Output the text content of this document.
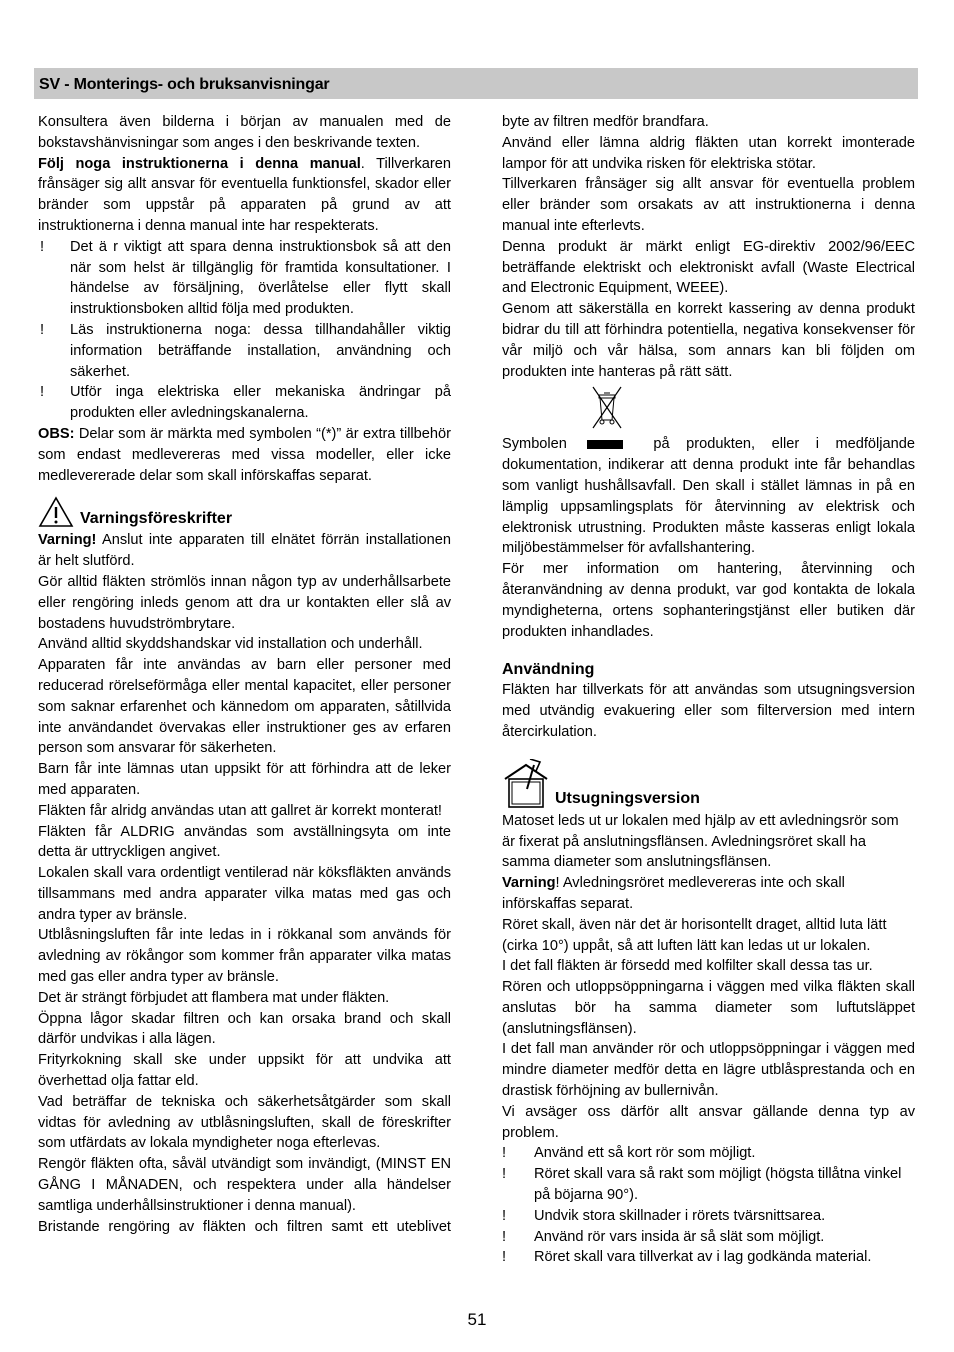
SV - Monterings- och bruksanvisningar

Konsultera även bilderna i början av manualen med de bokstavshänvisningar som anges i den beskrivande texten.

Följ noga instruktionerna i denna manual. Tillverkaren frånsäger sig allt ansvar för eventuella funktionsfel, skador eller bränder som uppstår på apparaten på grund av att instruktionerna i denna manual inte har respekterats.

! Det ä r viktigt att spara denna instruktionsbok så att den när som helst är tillgänglig för framtida konsultationer. I händelse av försäljning, överlåtelse eller flytt skall instruktionsboken alltid följa med produkten.
! Läs instruktionerna noga: dessa tillhandahåller viktig information beträffande installation, användning och säkerhet.
! Utför inga elektriska eller mekaniska ändringar på produkten eller avledningskanalerna.

OBS: Delar som är märkta med symbolen “(*)” är extra tillbehör som endast medlevereras med vissa modeller, eller icke medlevererade delar som skall införskaffas separat.

Varningsföreskrifter

Varning! Anslut inte apparaten till elnätet förrän installationen är helt slutförd.

Gör alltid fläkten strömlös innan någon typ av underhållsarbete eller rengöring inleds genom att dra ur kontakten eller slå av bostadens huvudströmbrytare.

Använd alltid skyddshandskar vid installation och underhåll.

Apparaten får inte användas av barn eller personer med reducerad rörelseförmåga eller mental kapacitet, eller personer som saknar erfarenhet och kännedom om apparaten, såtillvida inte användandet övervakas eller instruktioner ges av erfaren person som ansvarar för säkerheten.

Barn får inte lämnas utan uppsikt för att förhindra att de leker med apparaten.

Fläkten får alridg användas utan att gallret är korrekt monterat!

Fläkten får ALDRIG användas som avställningsyta om inte detta är uttryckligen angivet.

Lokalen skall vara ordentligt ventilerad när köksfläkten används tillsammans med andra apparater vilka matas med gas och andra typer av bränsle.

Utblåsningsluften får inte ledas in i rökkanal som används för avledning av rökångor som kommer från apparater vilka matas med gas eller andra typer av bränsle.

Det är strängt förbjudet att flambera mat under fläkten.

Öppna lågor skadar filtren och kan orsaka brand och skall därför undvikas i alla lägen.

Frityrkokning skall ske under uppsikt för att undvika att överhettad olja fattar eld.

Vad beträffar de tekniska och säkerhetsåtgärder som skall vidtas för avledning av utblåsningsluften, skall de föreskrifter som utfärdats av lokala myndigheter noga efterlevas.

Rengör fläkten ofta, såväl utvändigt som invändigt, (MINST EN GÅNG I MÅNADEN, och respektera under alla händelser samtliga underhållsinstruktioner i denna manual).

Bristande rengöring av fläkten och filtren samt ett uteblivet

byte av filtren medför brandfara.

Använd eller lämna aldrig fläkten utan korrekt imonterade lampor för att undvika risken för elektriska stötar.

Tillverkaren frånsäger sig allt ansvar för eventuella problem eller bränder som orsakats av att instruktionerna i denna manual inte efterlevts.

Denna produkt är märkt enligt EG-direktiv 2002/96/EEC beträffande elektriskt och elektroniskt avfall (Waste Electrical and Electronic Equipment, WEEE).

Genom att säkerställa en korrekt kassering av denna produkt bidrar du till att förhindra potentiella, negativa konsekvenser för vår miljö och vår hälsa, som annars kan bli följden om produkten inte hanteras på rätt sätt.

Symbolen	på produkten, eller i medföljande

dokumentation, indikerar att denna produkt inte får behandlas som vanligt hushållsavfall. Den skall i stället lämnas in på en lämplig uppsamlingsplats för återvinning av elektrisk och elektronisk utrustning. Produkten måste kasseras enligt lokala miljöbestämmelser för avfallshantering.

För mer information om hantering, återvinning och återanvändning av denna produkt, var god kontakta de lokala myndigheterna, ortens sophanteringstjänst eller butiken där produkten inhandlades.

Användning

Fläkten har tillverkats för att användas som utsugningsversion med utvändig evakuering eller som filterversion med intern återcirkulation.

Utsugningsversion

Matoset leds ut ur lokalen med hjälp av ett avledningsrör som är fixerat på anslutningsflänsen. Avledningsröret skall ha samma diameter som anslutningsflänsen.

Varning! Avledningsröret medlevereras inte och skall införskaffas separat.

Röret skall, även när det är horisontellt draget, alltid luta lätt (cirka 10°) uppåt, så att luften lätt kan ledas ut ur lokalen.

I det fall fläkten är försedd med kolfilter skall dessa tas ur.

Rören och utloppsöppningarna i väggen med vilka fläkten skall anslutas bör ha samma diameter som luftutsläppet (anslutningsflänsen).

I det fall man använder rör och utloppsöppningar i väggen med mindre diameter medför detta en lägre utblåsprestanda och en drastisk förhöjning av bullernivån.

Vi avsäger oss därför allt ansvar gällande denna typ av problem.

! Använd ett så kort rör som möjligt.
! Röret skall vara så rakt som möjligt (högsta tillåtna vinkel på böjarna 90°).
! Undvik stora skillnader i rörets tvärsnittsarea.
! Använd rör vars insida är så slät som möjligt.
! Röret skall vara tillverkat av i lag godkända material.
51
